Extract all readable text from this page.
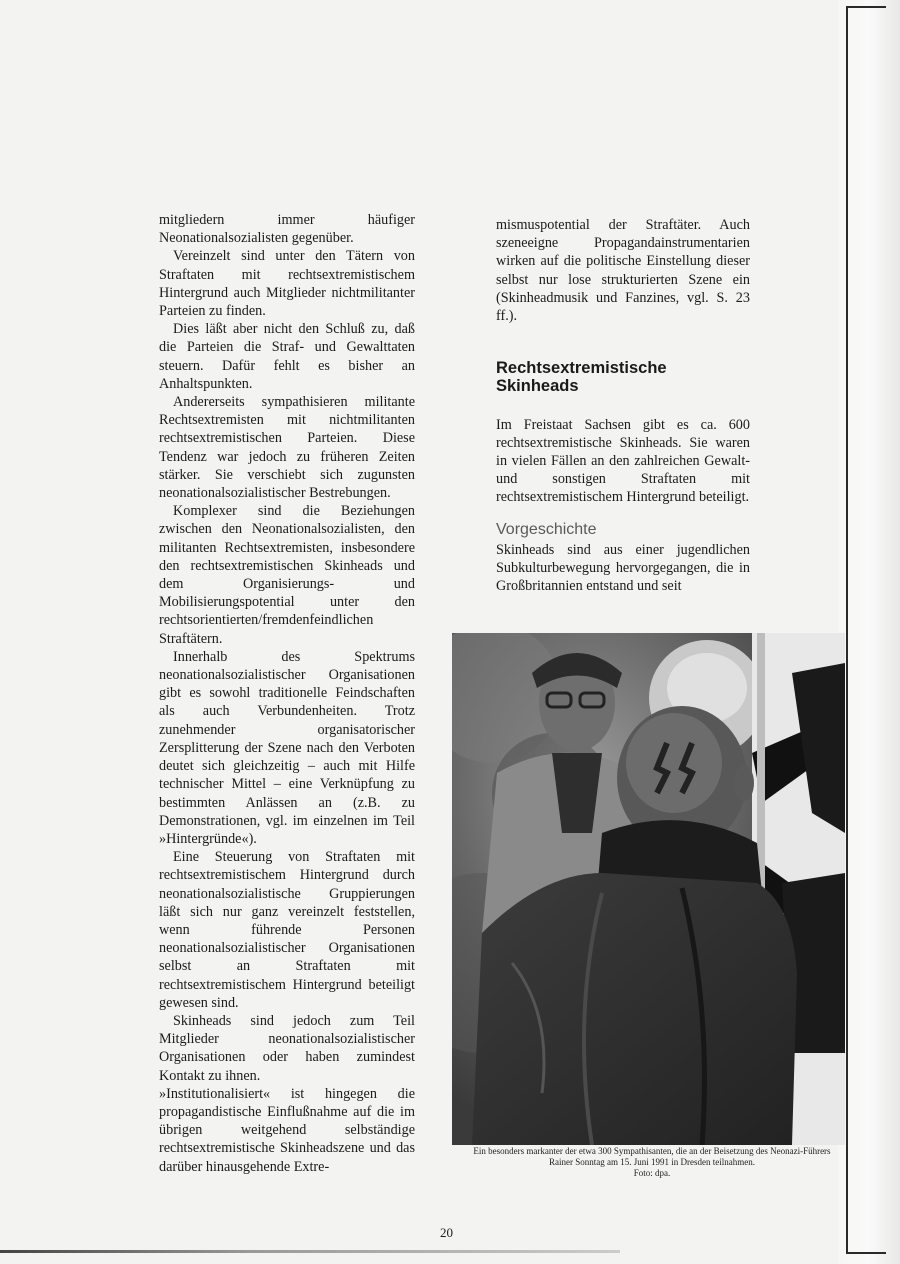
mitgliedern immer häufiger Neonationalsozialisten gegenüber.

Vereinzelt sind unter den Tätern von Straftaten mit rechtsextremistischem Hintergrund auch Mitglieder nichtmilitanter Parteien zu finden.

Dies läßt aber nicht den Schluß zu, daß die Parteien die Straf- und Gewalttaten steuern. Dafür fehlt es bisher an Anhaltspunkten.

Andererseits sympathisieren militante Rechtsextremisten mit nichtmilitanten rechtsextremistischen Parteien. Diese Tendenz war jedoch zu früheren Zeiten stärker. Sie verschiebt sich zugunsten neonationalsozialistischer Bestrebungen.

Komplexer sind die Beziehungen zwischen den Neonationalsozialisten, den militanten Rechtsextremisten, insbesondere den rechtsextremistischen Skinheads und dem Organisierungs- und Mobilisierungspotential unter den rechtsorientierten/fremdenfeindlichen Straftätern.

Innerhalb des Spektrums neonationalsozialistischer Organisationen gibt es sowohl traditionelle Feindschaften als auch Verbundenheiten. Trotz zunehmender organisatorischer Zersplitterung der Szene nach den Verboten deutet sich gleichzeitig – auch mit Hilfe technischer Mittel – eine Verknüpfung zu bestimmten Anlässen an (z.B. zu Demonstrationen, vgl. im einzelnen im Teil »Hintergründe«).

Eine Steuerung von Straftaten mit rechtsextremistischem Hintergrund durch neonationalsozialistische Gruppierungen läßt sich nur ganz vereinzelt feststellen, wenn führende Personen neonationalsozialistischer Organisationen selbst an Straftaten mit rechtsextremistischem Hintergrund beteiligt gewesen sind.

Skinheads sind jedoch zum Teil Mitglieder neonationalsozialistischer Organisationen oder haben zumindest Kontakt zu ihnen.

»Institutionalisiert« ist hingegen die propagandistische Einflußnahme auf die im übrigen weitgehend selbständige rechtsextremistische Skinheadszene und das darüber hinausgehende Extre-

mismuspotential der Straftäter. Auch szeneeigne Propagandainstrumentarien wirken auf die politische Einstellung dieser selbst nur lose strukturierten Szene ein (Skinheadmusik und Fanzines, vgl. S. 23 ff.).

Rechtsextremistische Skinheads

Im Freistaat Sachsen gibt es ca. 600 rechtsextremistische Skinheads. Sie waren in vielen Fällen an den zahlreichen Gewalt- und sonstigen Straftaten mit rechtsextremistischem Hintergrund beteiligt.

Vorgeschichte

Skinheads sind aus einer jugendlichen Subkulturbewegung hervorgegangen, die in Großbritannien entstand und seit

Ein besonders markanter der etwa 300 Sympathisanten, die an der Beisetzung des Neonazi-Führers Rainer Sonntag am 15. Juni 1991 in Dresden teilnahmen.
Foto: dpa.
20
